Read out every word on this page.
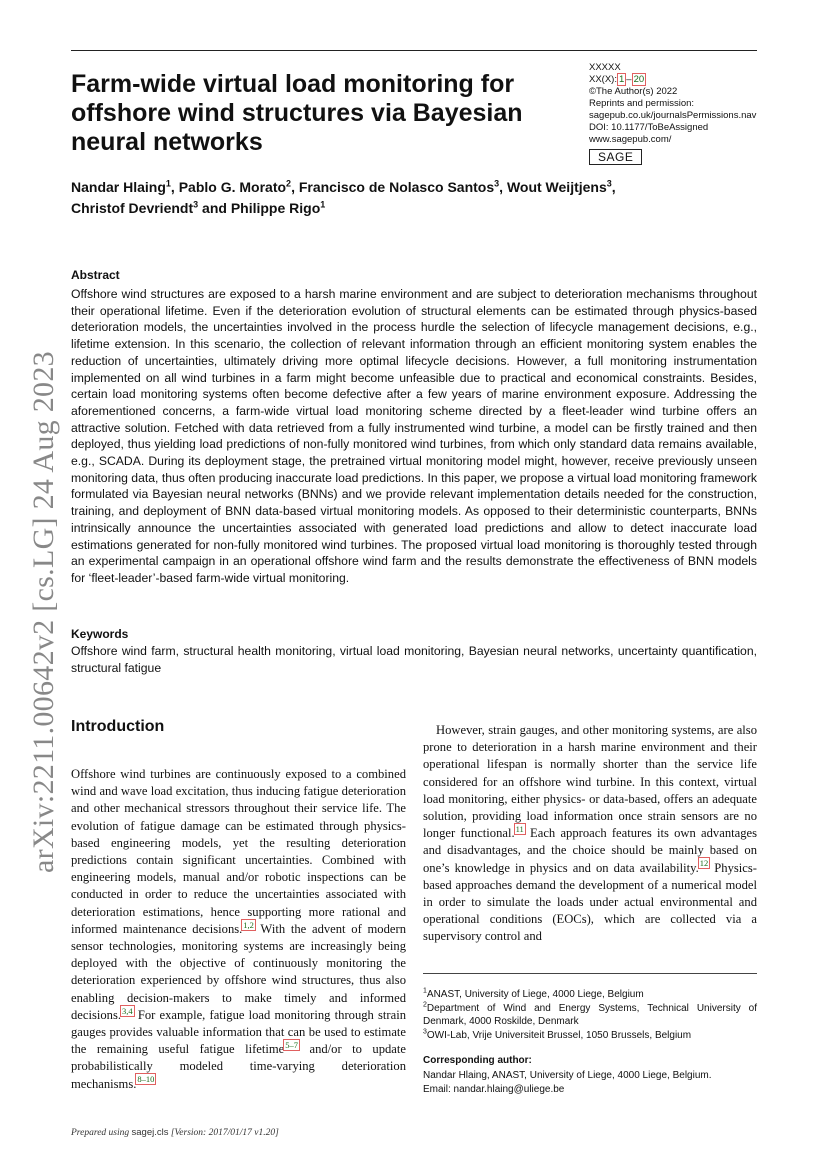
arXiv:2211.00642v2 [cs.LG] 24 Aug 2023
Farm-wide virtual load monitoring for
offshore wind structures via Bayesian
neural networks
XXXXX
XX(X): 1 – 20
©The Author(s) 2022
Reprints and permission:
sagepub.co.uk/journalsPermissions.nav
DOI: 10.1177/ToBeAssigned
www.sagepub.com/
SAGE
Nandar Hlaing$^1$, Pablo G. Morato$^2$, Francisco de Nolasco Santos$^3$, Wout Weijtjens$^3$,
Christof Devriendt$^3$ and Philippe Rigo$^1$
Abstract
Offshore wind structures are exposed to a harsh marine environment and are subject to deterioration mechanisms throughout their operational lifetime. Even if the deterioration evolution of structural elements can be estimated through physics-based deterioration models, the uncertainties involved in the process hurdle the selection of lifecycle management decisions, e.g., lifetime extension. In this scenario, the collection of relevant information through an efficient monitoring system enables the reduction of uncertainties, ultimately driving more optimal lifecycle decisions. However, a full monitoring instrumentation implemented on all wind turbines in a farm might become unfeasible due to practical and economical constraints. Besides, certain load monitoring systems often become defective after a few years of marine environment exposure. Addressing the aforementioned concerns, a farm-wide virtual load monitoring scheme directed by a fleet-leader wind turbine offers an attractive solution. Fetched with data retrieved from a fully instrumented wind turbine, a model can be firstly trained and then deployed, thus yielding load predictions of non-fully monitored wind turbines, from which only standard data remains available, e.g., SCADA. During its deployment stage, the pretrained virtual monitoring model might, however, receive previously unseen monitoring data, thus often producing inaccurate load predictions. In this paper, we propose a virtual load monitoring framework formulated via Bayesian neural networks (BNNs) and we provide relevant implementation details needed for the construction, training, and deployment of BNN data-based virtual monitoring models. As opposed to their deterministic counterparts, BNNs intrinsically announce the uncertainties associated with generated load predictions and allow to detect inaccurate load estimations generated for non-fully monitored wind turbines. The proposed virtual load monitoring is thoroughly tested through an experimental campaign in an operational offshore wind farm and the results demonstrate the effectiveness of BNN models for ‘fleet-leader’-based farm-wide virtual monitoring.
Keywords
Offshore wind farm, structural health monitoring, virtual load monitoring, Bayesian neural networks, uncertainty quantification, structural fatigue
Introduction
Offshore wind turbines are continuously exposed to a combined wind and wave load excitation, thus inducing fatigue deterioration and other mechanical stressors throughout their service life. The evolution of fatigue damage can be estimated through physics-based engineering models, yet the resulting deterioration predictions contain significant uncertainties. Combined with engineering models, manual and/or robotic inspections can be conducted in order to reduce the uncertainties associated with deterioration estimations, hence supporting more rational and informed maintenance decisions.$^{1,2}$ With the advent of modern sensor technologies, monitoring systems are increasingly being deployed with the objective of continuously monitoring the deterioration experienced by offshore wind structures, thus also enabling decision-makers to make timely and informed decisions.$^{3,4}$ For example, fatigue load monitoring through strain gauges provides valuable information that can be used to estimate the remaining useful fatigue lifetime$^{5-7}$ and/or to update probabilistically modeled time-varying deterioration mechanisms.$^{8-10}$
However, strain gauges, and other monitoring systems, are also prone to deterioration in a harsh marine environment and their operational lifespan is normally shorter than the service life considered for an offshore wind turbine. In this context, virtual load monitoring, either physics- or data-based, offers an adequate solution, providing load information once strain sensors are no longer functional.$^{11}$ Each approach features its own advantages and disadvantages, and the choice should be mainly based on one’s knowledge in physics and on data availability.$^{12}$ Physics-based approaches demand the development of a numerical model in order to simulate the loads under actual environmental and operational conditions (EOCs), which are collected via a supervisory control and

$^1$ANAST, University of Liege, 4000 Liege, Belgium

$^2$Department of Wind and Energy Systems, Technical University of Denmark, 4000 Roskilde, Denmark

$^3$OWI-Lab, Vrije Universiteit Brussel, 1050 Brussels, Belgium

Corresponding author:
Nandar Hlaing, ANAST, University of Liege, 4000 Liege, Belgium.
Email: nandar.hlaing@uliege.be
Prepared using sagej.cls [Version: 2017/01/17 v1.20]
